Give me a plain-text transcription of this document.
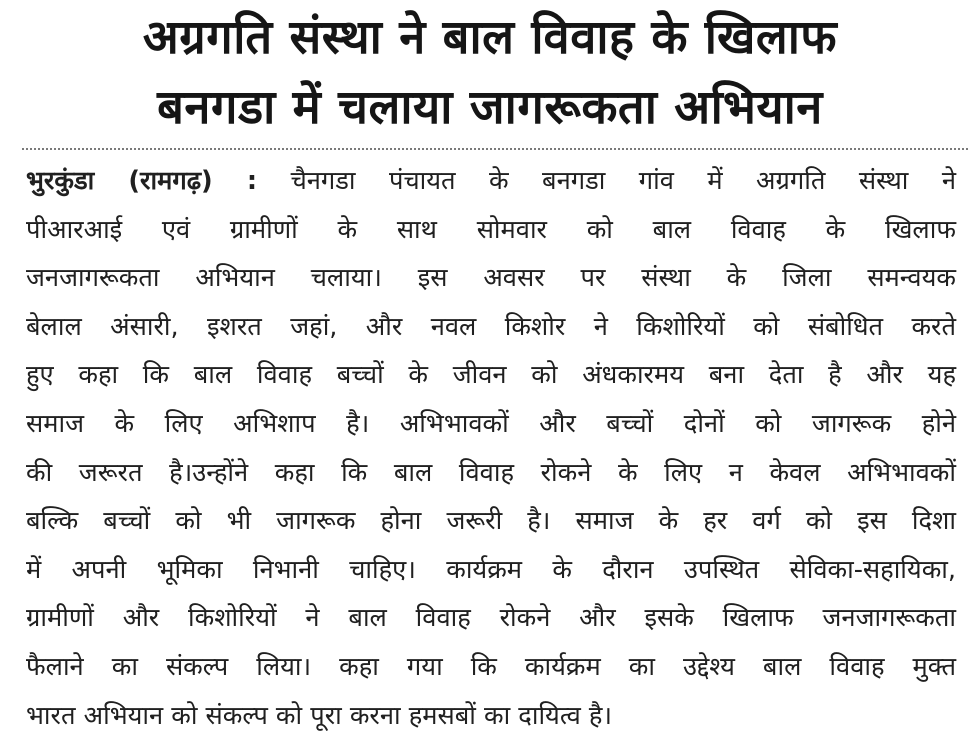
अग्रगति संस्था ने बाल विवाह के खिलाफ
बनगडा में चलाया जागरूकता अभियान
भुरकुंडा (रामगढ़) : चैनगडा पंचायत के बनगडा गांव में अग्रगति संस्था ने
पीआरआई एवं ग्रामीणों के साथ सोमवार को बाल विवाह के खिलाफ
जनजागरूकता अभियान चलाया। इस अवसर पर संस्था के जिला समन्वयक
बेलाल अंसारी, इशरत जहां, और नवल किशोर ने किशोरियों को संबोधित करते
हुए कहा कि बाल विवाह बच्चों के जीवन को अंधकारमय बना देता है और यह
समाज के लिए अभिशाप है। अभिभावकों और बच्चों दोनों को जागरूक होने
की जरूरत है।उन्होंने कहा कि बाल विवाह रोकने के लिए न केवल अभिभावकों
बल्कि बच्चों को भी जागरूक होना जरूरी है। समाज के हर वर्ग को इस दिशा
में अपनी भूमिका निभानी चाहिए। कार्यक्रम के दौरान उपस्थित सेविका-सहायिका,
ग्रामीणों और किशोरियों ने बाल विवाह रोकने और इसके खिलाफ जनजागरूकता
फैलाने का संकल्प लिया। कहा गया कि कार्यक्रम का उद्देश्य बाल विवाह मुक्त
भारत अभियान को संकल्प को पूरा करना हमसबों का दायित्व है।
